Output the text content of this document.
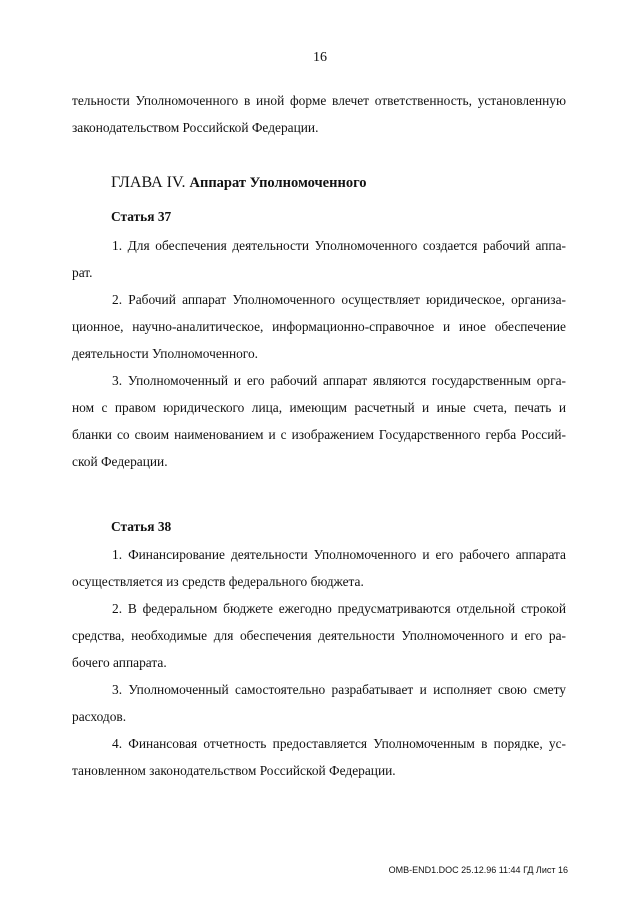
16

тельности Уполномоченного в иной форме влечет ответственность, установленную

законодательством Российской Федерации.

ГЛАВА IV. Аппарат Уполномоченного
Статья 37

1. Для обеспечения деятельности Уполномоченного создается рабочий аппа-

рат.

2. Рабочий аппарат Уполномоченного осуществляет юридическое, организа-

ционное, научно-аналитическое, информационно-справочное и иное обеспечение

деятельности Уполномоченного.

3. Уполномоченный и его рабочий аппарат являются государственным орга-

ном с правом юридического лица, имеющим расчетный и иные счета, печать и

бланки со своим наименованием и с изображением Государственного герба Россий-

ской Федерации.

Статья 38

1. Финансирование деятельности Уполномоченного и его рабочего аппарата

осуществляется из средств федерального бюджета.

2. В федеральном бюджете ежегодно предусматриваются отдельной строкой

средства, необходимые для обеспечения деятельности Уполномоченного и его ра-

бочего аппарата.

3. Уполномоченный самостоятельно разрабатывает и исполняет свою смету

расходов.

4. Финансовая отчетность предоставляется Уполномоченным в порядке, ус-

тановленном законодательством Российской Федерации.

OMB-END1.DOC 25.12.96 11:44 ГД Лист 16
